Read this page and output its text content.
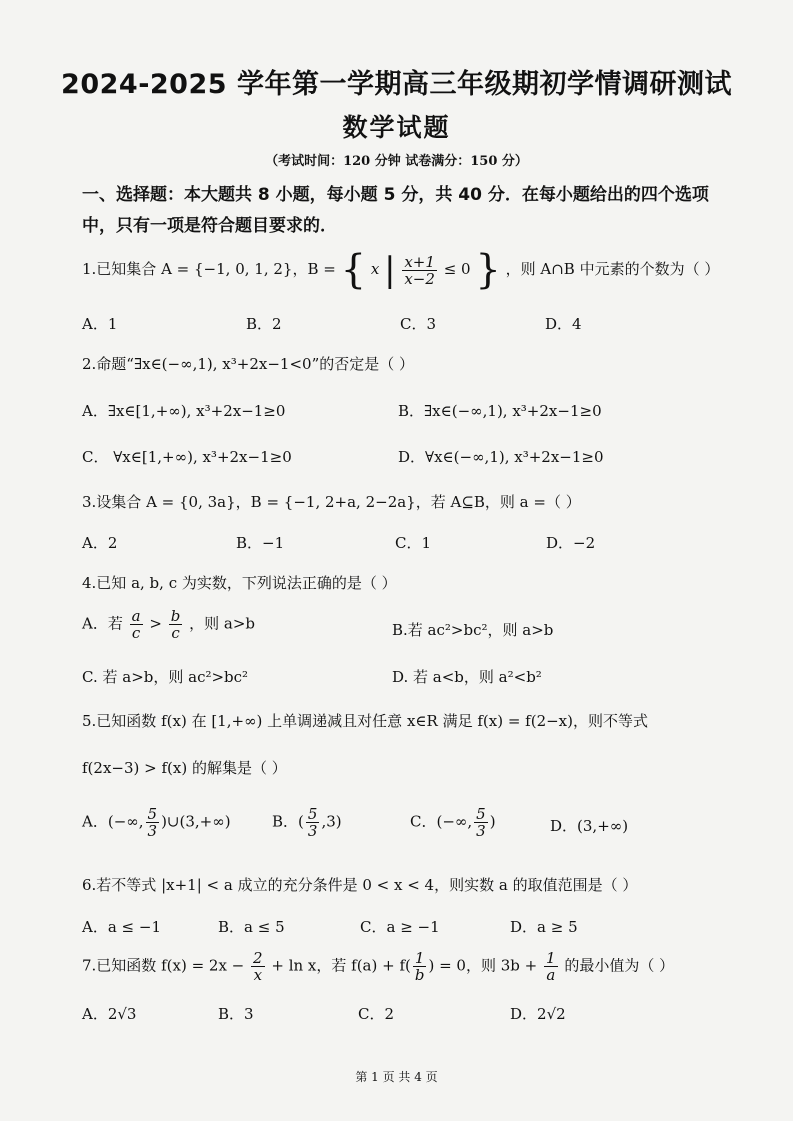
2024-2025 学年第一学期高三年级期初学情调研测试
数学试题
（考试时间：120 分钟 试卷满分：150 分）
一、选择题：本大题共 8 小题，每小题 5 分，共 40 分．在每小题给出的四个选项中，只有一项是符合题目要求的．
1.已知集合 A = {−1, 0, 1, 2}，B = { x | $\frac{x+1}{x-2} \le 0$ } ，则 A∩B 中元素的个数为（ ）
A．1	B．2	C．3	D．4
2.命题“∃x∈(−∞,1), x³+2x−1<0”的否定是（ ）
A．∃x∈[1,+∞), x³+2x−1≥0	B．∃x∈(−∞,1), x³+2x−1≥0
C． ∀x∈[1,+∞), x³+2x−1≥0	D．∀x∈(−∞,1), x³+2x−1≥0
3.设集合 A = {0, 3a}，B = {−1, 2+a, 2−2a}，若 A⊆B，则 a =（ ）
A．2	B．−1	C．1	D．−2
4.已知 a, b, c 为实数，下列说法正确的是（ ）
A．若 $\frac{a}{c} > \frac{b}{c}$ ，则 a>b	B.若 ac²>bc²，则 a>b
C. 若 a>b，则 ac²>bc²	D. 若 a<b，则 a²<b²
5.已知函数 f(x) 在 [1,+∞) 上单调递减且对任意 x∈R 满足 f(x) = f(2−x)，则不等式
f(2x−3) > f(x) 的解集是（ ）
A．(−∞, $\frac{5}{3}$ )∪(3,+∞)	B．( $\frac{5}{3} ,3$)	C．(−∞, $\frac{5}{3}$ )	D．(3,+∞)
6.若不等式 |x+1| < a 成立的充分条件是 0 < x < 4，则实数 a 的取值范围是（ ）
A．a ≤ −1	B．a ≤ 5	C．a ≥ −1	D．a ≥ 5
7.已知函数 $f(x) = 2x - \frac{2}{x} + \ln x$，若 $f(a) + f( \frac{1}{b}$ ) = 0，则 $3b + \frac{1}{a}$ 的最小值为（ ）
A．2√3	B．3	C．2	D．2√2
第 1 页 共 4 页
